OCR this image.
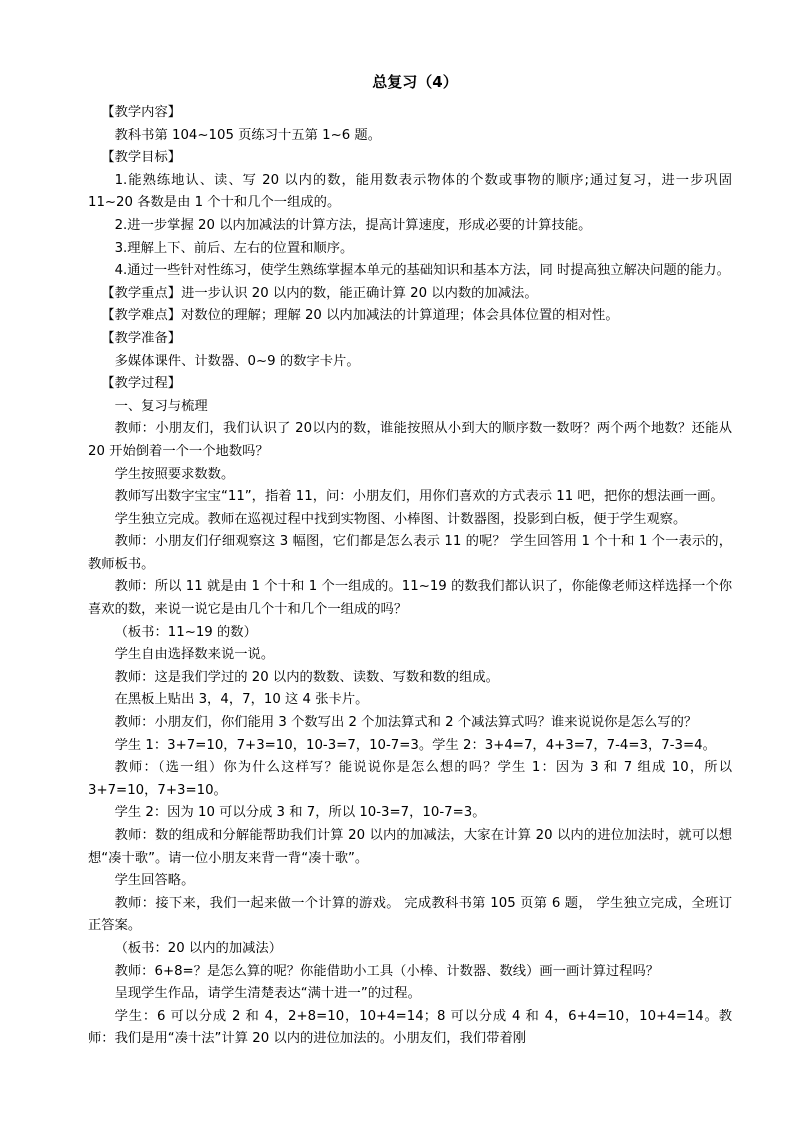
总复习（4）

【教学内容】

教科书第 104~105 页练习十五第 1~6 题。

【教学目标】

1.能熟练地认、读、写 20 以内的数，能用数表示物体的个数或事物的顺序;通过复习，进一步巩固 11~20 各数是由 1 个十和几个一组成的。

2.进一步掌握 20 以内加减法的计算方法，提高计算速度，形成必要的计算技能。

3.理解上下、前后、左右的位置和顺序。

4.通过一些针对性练习，使学生熟练掌握本单元的基础知识和基本方法，同 时提高独立解决问题的能力。

【教学重点】进一步认识 20 以内的数，能正确计算 20 以内数的加减法。

【教学难点】对数位的理解；理解 20 以内加减法的计算道理；体会具体位置的相对性。

【教学准备】

多媒体课件、计数器、0~9 的数字卡片。

【教学过程】

一、复习与梳理

教师：小朋友们，我们认识了 20以内的数，谁能按照从小到大的顺序数一数呀？两个两个地数？还能从 20 开始倒着一个一个地数吗？

学生按照要求数数。

教师写出数字宝宝“11”，指着 11，问：小朋友们，用你们喜欢的方式表示 11 吧，把你的想法画一画。

学生独立完成。教师在巡视过程中找到实物图、小棒图、计数器图，投影到白板，便于学生观察。

教师：小朋友们仔细观察这 3 幅图，它们都是怎么表示 11 的呢？ 学生回答用 1 个十和 1 个一表示的，教师板书。

教师：所以 11 就是由 1 个十和 1 个一组成的。11~19 的数我们都认识了，你能像老师这样选择一个你喜欢的数，来说一说它是由几个十和几个一组成的吗？

（板书：11~19 的数）

学生自由选择数来说一说。

教师：这是我们学过的 20 以内的数数、读数、写数和数的组成。

在黑板上贴出 3，4，7，10 这 4 张卡片。

教师：小朋友们，你们能用 3 个数写出 2 个加法算式和 2 个减法算式吗？谁来说说你是怎么写的？

学生 1：3+7=10，7+3=10，10-3=7，10-7=3。学生 2：3+4=7，4+3=7，7-4=3，7-3=4。

教师：（选一组）你为什么这样写？能说说你是怎么想的吗？学生 1：因为 3 和 7 组成 10，所以 3+7=10，7+3=10。

学生 2：因为 10 可以分成 3 和 7，所以 10-3=7，10-7=3。

教师：数的组成和分解能帮助我们计算 20 以内的加减法，大家在计算 20 以内的进位加法时，就可以想想“凑十歌”。请一位小朋友来背一背“凑十歌”。

学生回答略。

教师：接下来，我们一起来做一个计算的游戏。 完成教科书第 105 页第 6 题， 学生独立完成，全班订正答案。

（板书：20 以内的加减法）

教师：6+8=？是怎么算的呢？你能借助小工具（小棒、计数器、数线）画一画计算过程吗？

呈现学生作品，请学生清楚表达“满十进一”的过程。

学生：6 可以分成 2 和 4，2+8=10，10+4=14；8 可以分成 4 和 4，6+4=10，10+4=14。教师：我们是用“凑十法”计算 20 以内的进位加法的。小朋友们，我们带着刚
